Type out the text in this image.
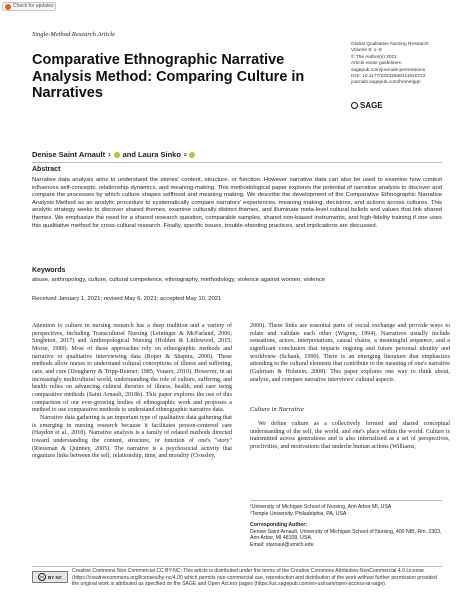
Check for updates
Single-Method Research Article
Comparative Ethnographic Narrative Analysis Method: Comparing Culture in Narratives
Global Qualitative Nursing Research
Volume 8: 1–8
© The Author(s) 2021
Article reuse guidelines:
sagepub.com/journals-permissions
DOI: 10.1177/23333936211020722
journals.sagepub.com/home/gqn
SAGE
Denise Saint Arnault 1 and Laura Sinko 2
Abstract
Narrative data analysis aims to understand the stories' content, structure, or function. However narrative data can also be used to examine how context influences self-concepts, relationship dynamics, and meaning-making. This methodological paper explores the potential of narrative analysis to discover and compare the processes by which culture shapes selfhood and meaning making. We describe the development of the Comparative Ethnographic Narrative Analysis Method as an analytic procedure to systematically compare narrators' experiences, meaning making, decisions, and actions across cultures. This analytic strategy seeks to discover shared themes, examine culturally distinct themes, and illuminate meta-level cultural beliefs and values that link shared themes. We emphasize the need for a shared research question, comparable samples, shared non-biased instruments, and high-fidelity training if one uses this qualitative method for cross-cultural research. Finally, specific issues, trouble-shooting practices, and implications are discussed.
Keywords
abuse, anthropology, culture, cultural competence, ethnography, methodology, violence against women, violence
Received January 1, 2021; revised May 6, 2021; accepted May 10, 2021

Attention to culture in nursing research has a deep tradition and a variety of perspectives, including Transcultural Nursing (Leininger & McFarland, 2006; Singleton, 2017) and Anthropological Nursing (Holden & Littlewood, 2015; Morse, 1989). Most of these approaches rely on ethnographic methods and narrative or qualitative interviewing data (Roper & Shapira, 2000). These methods allow nurses to understand cultural conceptions of illness and suffering, care, and cure (Dougherty & Tripp-Reimer, 1985; Vonarx, 2010). However, in an increasingly multicultural world, understanding the role of culture, suffering, and health relies on advancing cultural theories of illness, health, and care using comparative methods (Saint Arnault, 2018b). This paper explores the use of this comparison of our ever-growing bodies of ethnographic work and proposes a method to use comparative methods to understand ethnographic narrative data.

Narrative data gathering is an important type of qualitative data gathering that is emerging in nursing research because it facilitates person-centered care (Haydon et al., 2018). Narrative analysis is a family of related methods directed toward understanding the content, structure, or function of one's "story" (Riessman & Quinney, 2005). The narrative is a psychosocial activity that organizes links between the self, relationship, time, and morality (Crossley,

2000). These links are essential parts of social exchange and provide ways to relate and validate each other (Wigren, 1994). Narratives usually include sensations, actors, interpretations, causal chains, a meaningful sequence, and a significant conclusion that impacts ongoing and future personal identity and worldview (Schank, 1990). There is an emerging literature that emphasizes attending to the cultural elements that contribute to the meaning of one's narrative (Gubrium & Holstein, 2008). This paper explores one way to think about, analyze, and compare narrative interviews' cultural aspects.

Culture in Narrative

We define culture as a collectively formed and shared conceptual understanding of the self, the world, and one's place within the world. Culture is transmitted across generations and is also internalized as a set of perspectives, proclivities, and motivations that underlie human actions (Williams,

¹University of Michigan School of Nursing, Ann Arbor MI, USA
²Temple University, Philadelphia, PA, USA
Corresponding Author:
Denise Saint Arnault, University of Michigan School of Nursing, 400 NIB, Rm. 2303, Ann Arbor, MI 48109, USA.
Email: starnaul@umich.edu
cc BY NC
Creative Commons Non Commercial CC BY-NC: This article is distributed under the terms of the Creative Commons Attribution-NonCommercial 4.0 License (https://creativecommons.org/licenses/by-nc/4.0/) which permits non-commercial use, reproduction and distribution of the work without further permission provided the original work is attributed as specified on the SAGE and Open Access pages (https://us.sagepub.com/en-us/nam/open-access-at-sage).
